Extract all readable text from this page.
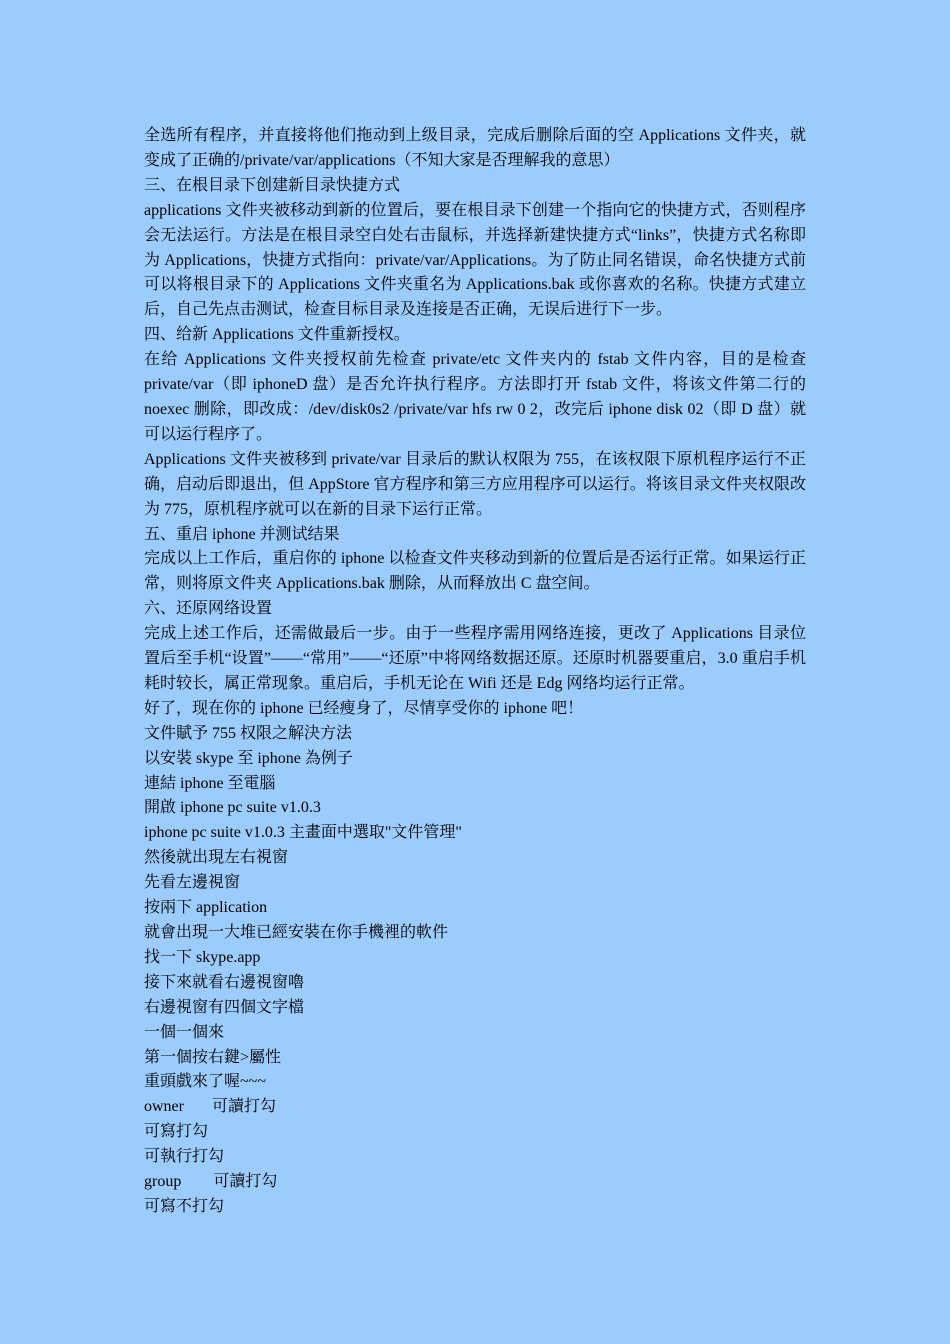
全选所有程序，并直接将他们拖动到上级目录，完成后删除后面的空 Applications 文件夹，就变成了正确的/private/var/applications（不知大家是否理解我的意思）

三、在根目录下创建新目录快捷方式

applications 文件夹被移动到新的位置后，要在根目录下创建一个指向它的快捷方式，否则程序会无法运行。方法是在根目录空白处右击鼠标，并选择新建快捷方式“links”，快捷方式名称即为 Applications，快捷方式指向：private/var/Applications。为了防止同名错误，命名快捷方式前可以将根目录下的 Applications 文件夹重名为 Applications.bak 或你喜欢的名称。快捷方式建立后，自己先点击测试，检查目标目录及连接是否正确，无误后进行下一步。

四、给新 Applications 文件重新授权。

在给 Applications 文件夹授权前先检查 private/etc 文件夹内的 fstab 文件内容，目的是检查 private/var（即 iphoneD 盘）是否允许执行程序。方法即打开 fstab 文件，将该文件第二行的 noexec 删除，即改成：/dev/disk0s2 /private/var hfs rw 0 2，改完后 iphone disk 02（即 D 盘）就可以运行程序了。

Applications 文件夹被移到 private/var 目录后的默认权限为 755，在该权限下原机程序运行不正确，启动后即退出，但 AppStore 官方程序和第三方应用程序可以运行。将该目录文件夹权限改为 775，原机程序就可以在新的目录下运行正常。

五、重启 iphone 并测试结果

完成以上工作后，重启你的 iphone 以检查文件夹移动到新的位置后是否运行正常。如果运行正常，则将原文件夹 Applications.bak 删除，从而释放出 C 盘空间。

六、还原网络设置

完成上述工作后，还需做最后一步。由于一些程序需用网络连接，更改了 Applications 目录位置后至手机“设置”——“常用”——“还原”中将网络数据还原。还原时机器要重启，3.0 重启手机耗时较长，属正常现象。重启后，手机无论在 Wifi 还是 Edg 网络均运行正常。

好了，现在你的 iphone 已经瘦身了，尽情享受你的 iphone 吧！

文件賦予 755 权限之解決方法

以安裝 skype 至 iphone 為例子

連結 iphone 至電腦

開啟 iphone pc suite v1.0.3

iphone pc suite v1.0.3 主畫面中選取"文件管理"

然後就出現左右視窗

先看左邊視窗

按兩下 application

就會出現一大堆已經安裝在你手機裡的軟件

找一下 skype.app

接下來就看右邊視窗嚕

右邊視窗有四個文字檔

一個一個來

第一個按右鍵>屬性

重頭戲來了喔~~~

owner       可讀打勾

可寫打勾

可執行打勾

group        可讀打勾

可寫不打勾
